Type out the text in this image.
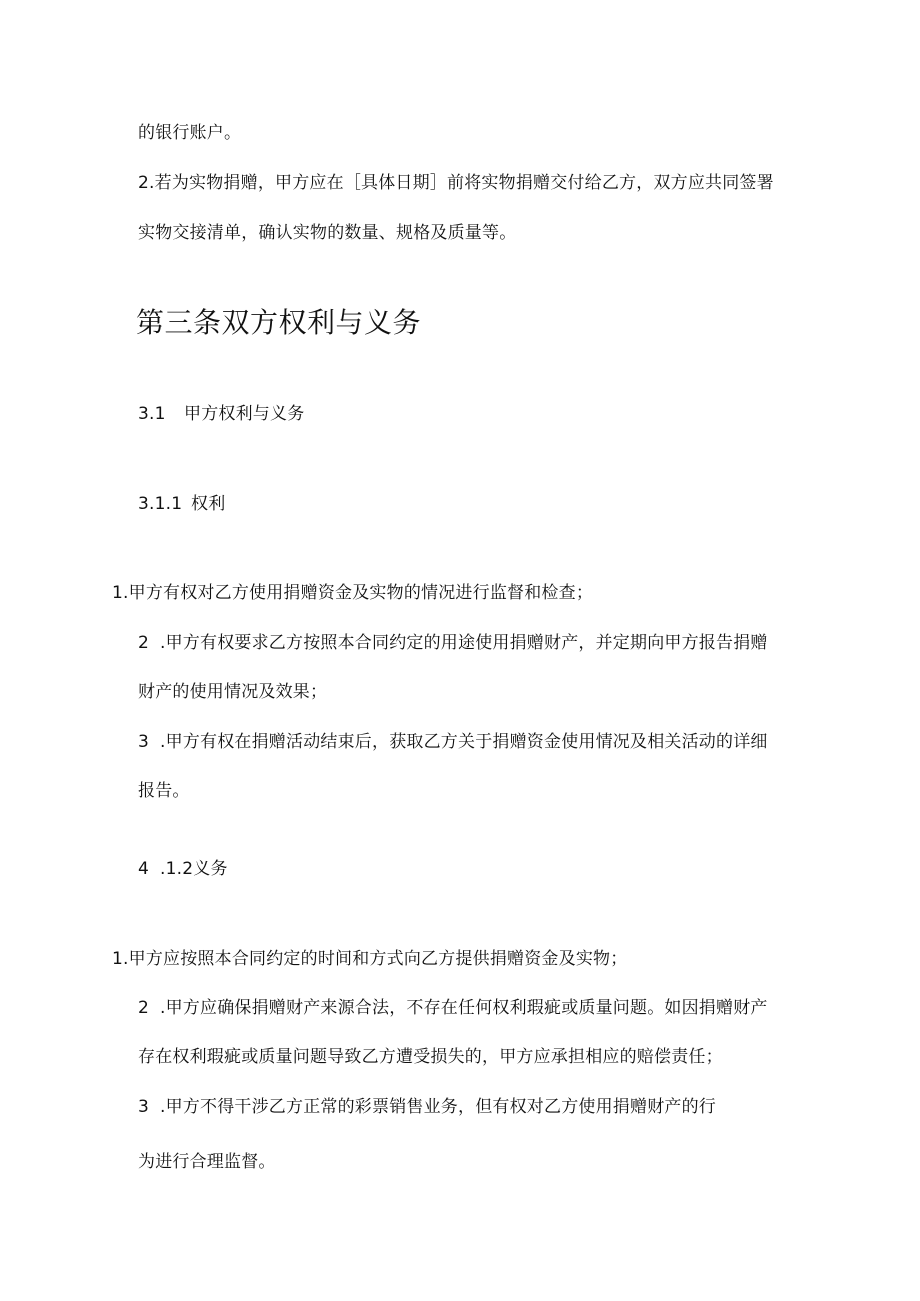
的银行账户。
2.若为实物捐赠，甲方应在［具体日期］前将实物捐赠交付给乙方，双方应共同签署
实物交接清单，确认实物的数量、规格及质量等。
第三条双方权利与义务
3.1 甲方权利与义务
3.1.1 权利
1.甲方有权对乙方使用捐赠资金及实物的情况进行监督和检查；
2 .甲方有权要求乙方按照本合同约定的用途使用捐赠财产，并定期向甲方报告捐赠
财产的使用情况及效果；
3 .甲方有权在捐赠活动结束后，获取乙方关于捐赠资金使用情况及相关活动的详细
报告。
4 .1.2义务
1.甲方应按照本合同约定的时间和方式向乙方提供捐赠资金及实物；
2 .甲方应确保捐赠财产来源合法，不存在任何权利瑕疵或质量问题。如因捐赠财产
存在权利瑕疵或质量问题导致乙方遭受损失的，甲方应承担相应的赔偿责任；
3 .甲方不得干涉乙方正常的彩票销售业务，但有权对乙方使用捐赠财产的行
为进行合理监督。
